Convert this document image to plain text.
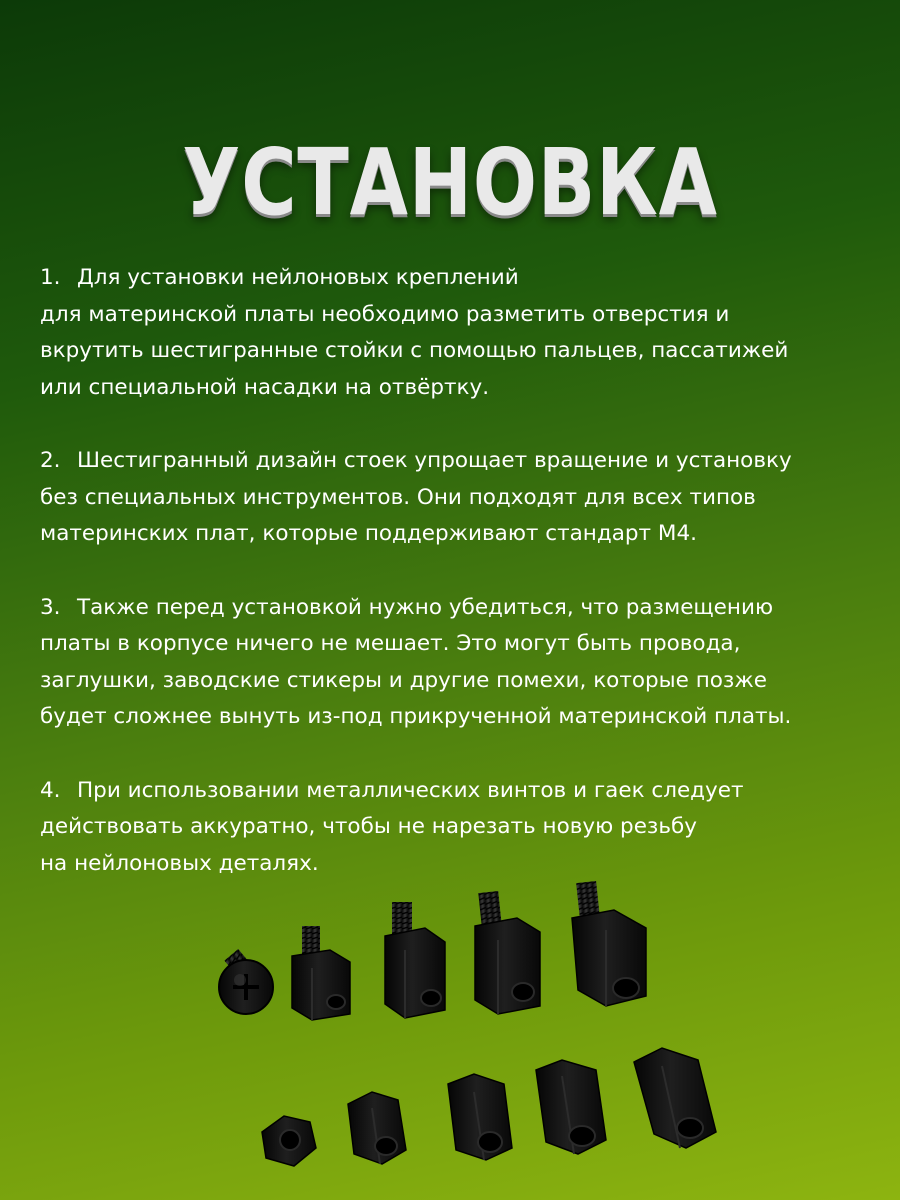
УСТАНОВКА

1. Для установки нейлоновых креплений
для материнской платы необходимо разметить отверстия и
вкрутить шестигранные стойки с помощью пальцев, пассатижей
или специальной насадки на отвёртку.

2. Шестигранный дизайн стоек упрощает вращение и установку
без специальных инструментов. Они подходят для всех типов
материнских плат, которые поддерживают стандарт М4.

3. Также перед установкой нужно убедиться, что размещению
платы в корпусе ничего не мешает. Это могут быть провода,
заглушки, заводские стикеры и другие помехи, которые позже
будет сложнее вынуть из-под прикрученной материнской платы.

4. При использовании металлических винтов и гаек следует
действовать аккуратно, чтобы не нарезать новую резьбу
на нейлоновых деталях.
